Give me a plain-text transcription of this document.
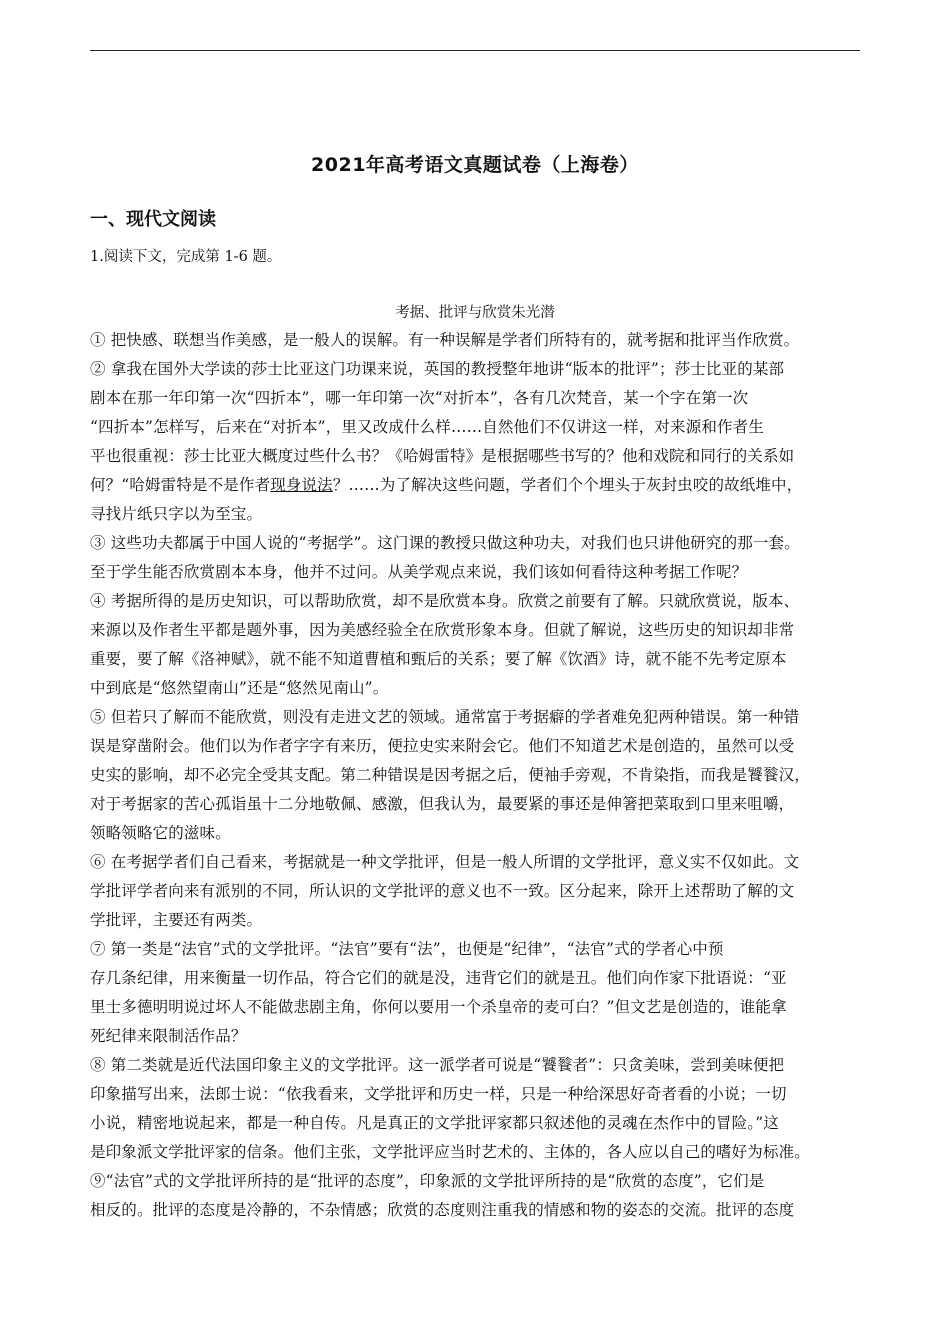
2021年高考语文真题试卷（上海卷）
一、现代文阅读
1.阅读下文，完成第 1-6 题。
考据、批评与欣赏朱光潜
① 把快感、联想当作美感，是一般人的误解。有一种误解是学者们所特有的，就考据和批评当作欣赏。
② 拿我在国外大学读的莎士比亚这门功课来说，英国的教授整年地讲“版本的批评”；莎士比亚的某部
剧本在那一年印第一次“四折本”，哪一年印第一次“对折本”，各有几次梵音，某一个字在第一次
“四折本”怎样写，后来在“对折本”，里又改成什么样……自然他们不仅讲这一样，对来源和作者生
平也很重视：莎士比亚大概度过些什么书？《哈姆雷特》是根据哪些书写的？他和戏院和同行的关系如
何？“哈姆雷特是不是作者现身说法？……为了解决这些问题，学者们个个埋头于灰封虫咬的故纸堆中，
寻找片纸只字以为至宝。
③ 这些功夫都属于中国人说的“考据学”。这门课的教授只做这种功夫，对我们也只讲他研究的那一套。
至于学生能否欣赏剧本本身，他并不过问。从美学观点来说，我们该如何看待这种考据工作呢？
④ 考据所得的是历史知识，可以帮助欣赏，却不是欣赏本身。欣赏之前要有了解。只就欣赏说，版本、
来源以及作者生平都是题外事，因为美感经验全在欣赏形象本身。但就了解说，这些历史的知识却非常
重要，要了解《洛神赋》，就不能不知道曹植和甄后的关系；要了解《饮酒》诗，就不能不先考定原本
中到底是“悠然望南山”还是“悠然见南山”。
⑤ 但若只了解而不能欣赏，则没有走进文艺的领域。通常富于考据癖的学者难免犯两种错误。第一种错
误是穿凿附会。他们以为作者字字有来历，便拉史实来附会它。他们不知道艺术是创造的，虽然可以受
史实的影响，却不必完全受其支配。第二种错误是因考据之后，便袖手旁观，不肯染指，而我是饕餮汉，
对于考据家的苦心孤诣虽十二分地敬佩、感激，但我认为，最要紧的事还是伸箸把菜取到口里来咀嚼，
领略领略它的滋味。
⑥ 在考据学者们自己看来，考据就是一种文学批评，但是一般人所谓的文学批评，意义实不仅如此。文
学批评学者向来有派别的不同，所认识的文学批评的意义也不一致。区分起来，除开上述帮助了解的文
学批评，主要还有两类。
⑦ 第一类是“法官”式的文学批评。“法官”要有“法”，也便是“纪律”，“法官”式的学者心中预
存几条纪律，用来衡量一切作品，符合它们的就是没，违背它们的就是丑。他们向作家下批语说：“亚
里士多德明明说过坏人不能做悲剧主角，你何以要用一个杀皇帝的麦可白？”但文艺是创造的，谁能拿
死纪律来限制活作品？
⑧ 第二类就是近代法国印象主义的文学批评。这一派学者可说是“饕餮者”：只贪美味，尝到美味便把
印象描写出来，法郎士说：“依我看来，文学批评和历史一样，只是一种给深思好奇者看的小说；一切
小说，精密地说起来，都是一种自传。凡是真正的文学批评家都只叙述他的灵魂在杰作中的冒险。”这
是印象派文学批评家的信条。他们主张，文学批评应当时艺术的、主体的，各人应以自己的嗜好为标准。
⑨“法官”式的文学批评所持的是“批评的态度”，印象派的文学批评所持的是“欣赏的态度”，它们是
相反的。批评的态度是冷静的，不杂情感；欣赏的态度则注重我的情感和物的姿态的交流。批评的态度
